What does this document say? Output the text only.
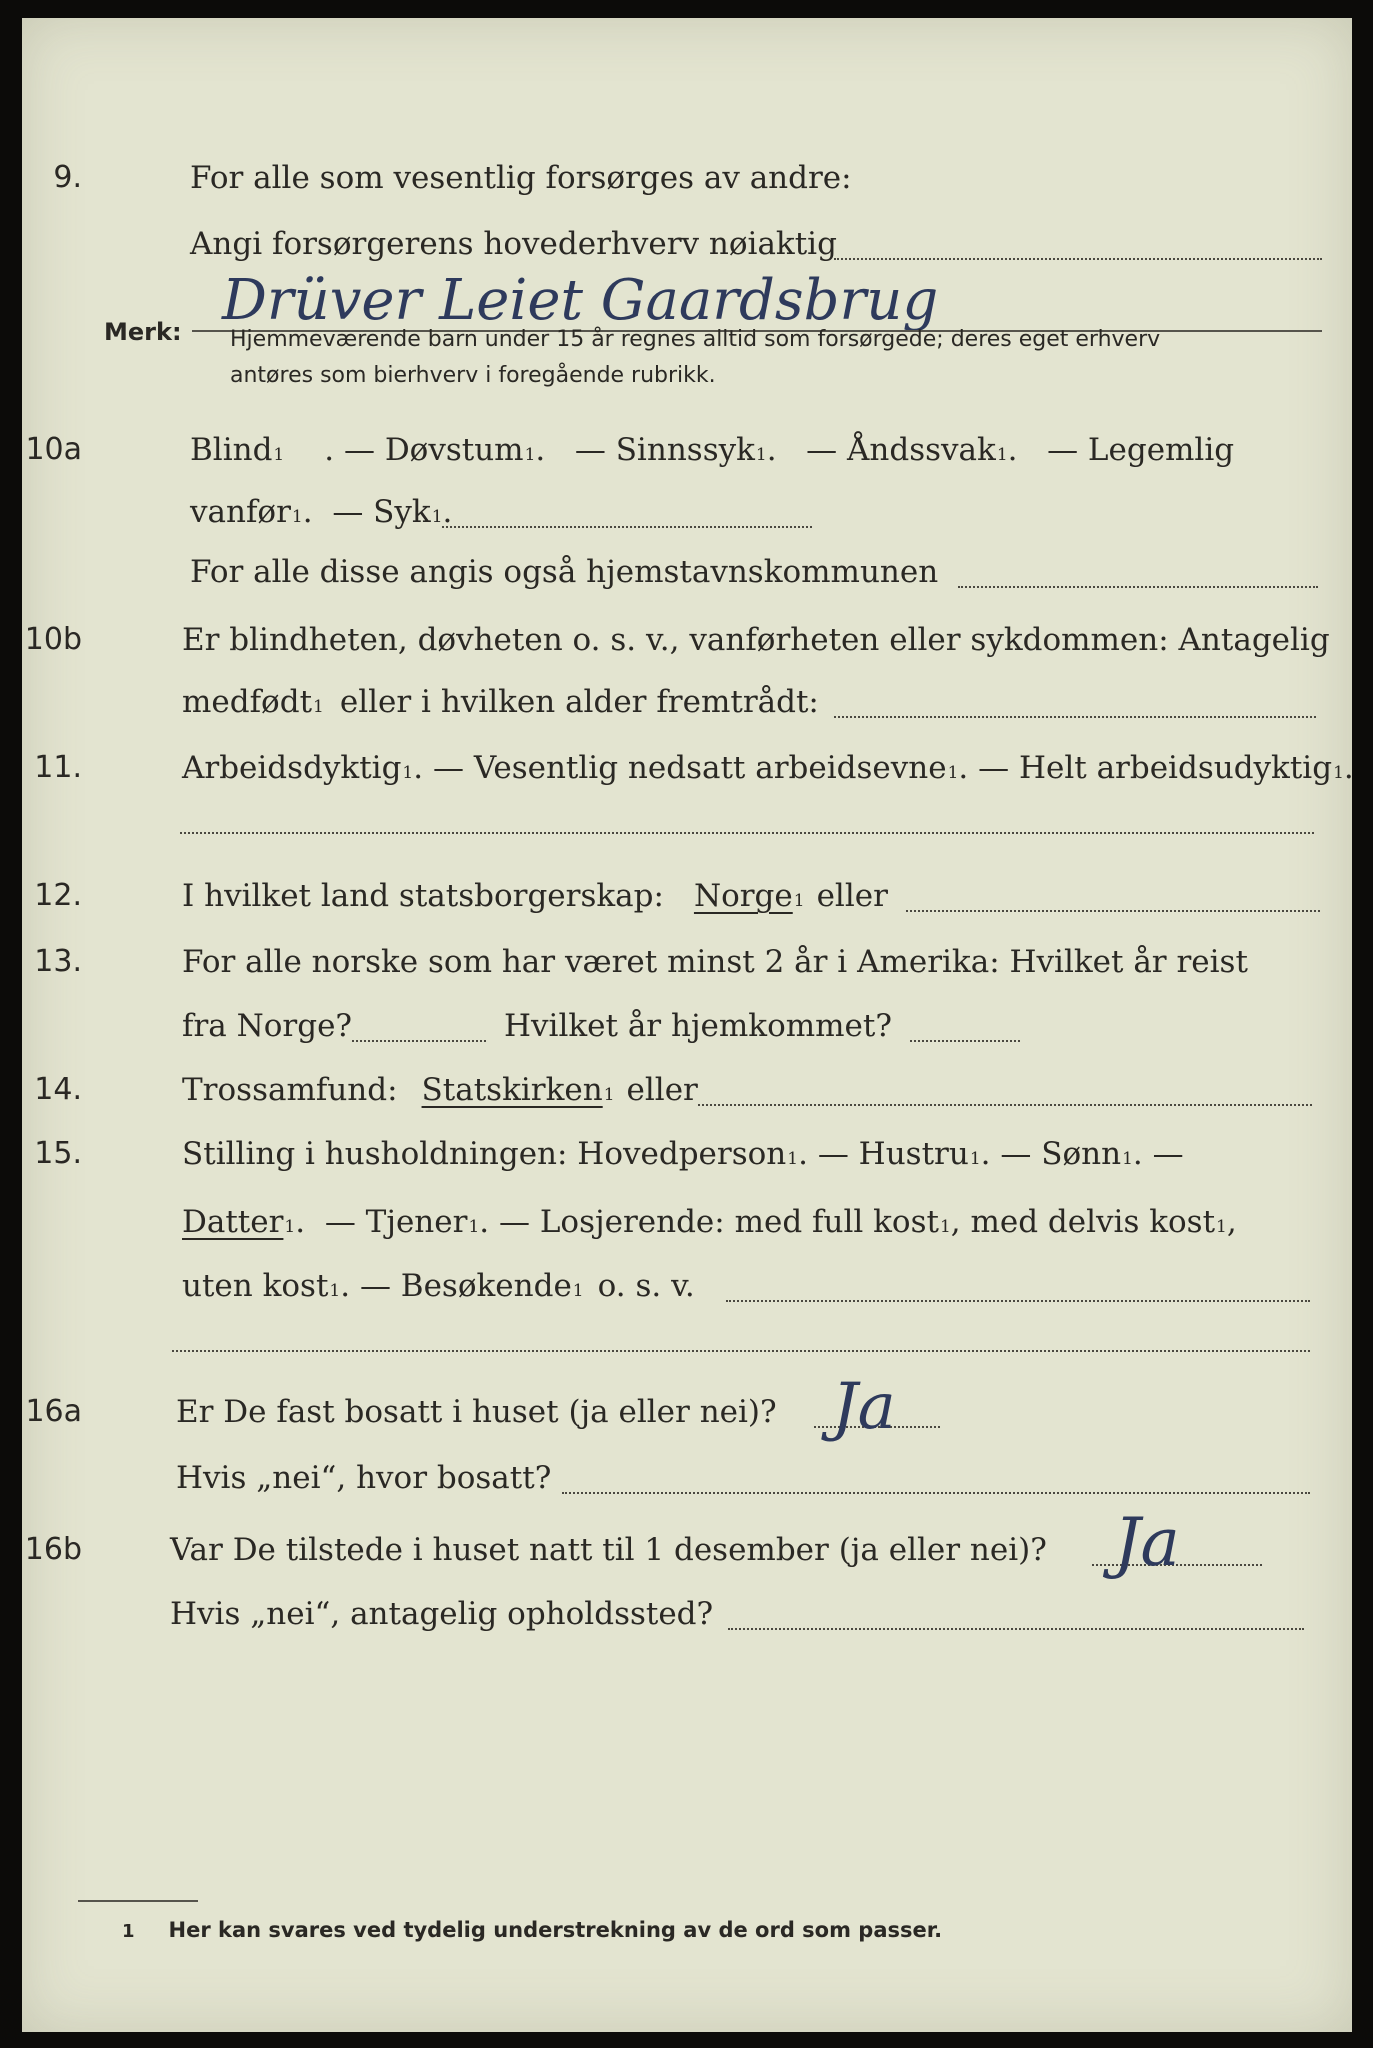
9.	For alle som vesentlig forsørges av andre:
Angi forsørgerens hovederhverv nøiaktig
Drüver Leiet Gaardsbrug
Merk: Hjemmeværende barn under 15 år regnes alltid som forsørgede; deres eget erhverv
antøres som bierhverv i foregående rubrikk.
10a	Blind 1 . — Døvstum 1 . — Sinnssyk 1 . — Åndssvak 1 . — Legemlig
vanfør 1 . — Syk 1 .
For alle disse angis også hjemstavnskommunen
10b	Er blindheten, døvheten o. s. v., vanførheten eller sykdommen: Antagelig
medfødt 1 eller i hvilken alder fremtrådt:
11.	Arbeidsdyktig 1 . — Vesentlig nedsatt arbeidsevne 1 . — Helt arbeidsudyktig 1 .
12.	I hvilket land statsborgerskap: Norge 1 eller
13.	For alle norske som har været minst 2 år i Amerika: Hvilket år reist
fra Norge?	Hvilket år hjemkommet?
14.	Trossamfund: Statskirken 1 eller
15.	Stilling i husholdningen: Hovedperson 1 . — Hustru 1 . — Sønn 1 . —
Datter 1 . — Tjener 1 . — Losjerende: med full kost 1 , med delvis kost 1 ,
uten kost 1 . — Besøkende 1 o. s. v.
16a	Er De fast bosatt i huset (ja eller nei)? Ja
Hvis „nei“, hvor bosatt?
16b	Var De tilstede i huset natt til 1 desember (ja eller nei)? Ja
Hvis „nei“, antagelig opholdssted?
1 Her kan svares ved tydelig understrekning av de ord som passer.
